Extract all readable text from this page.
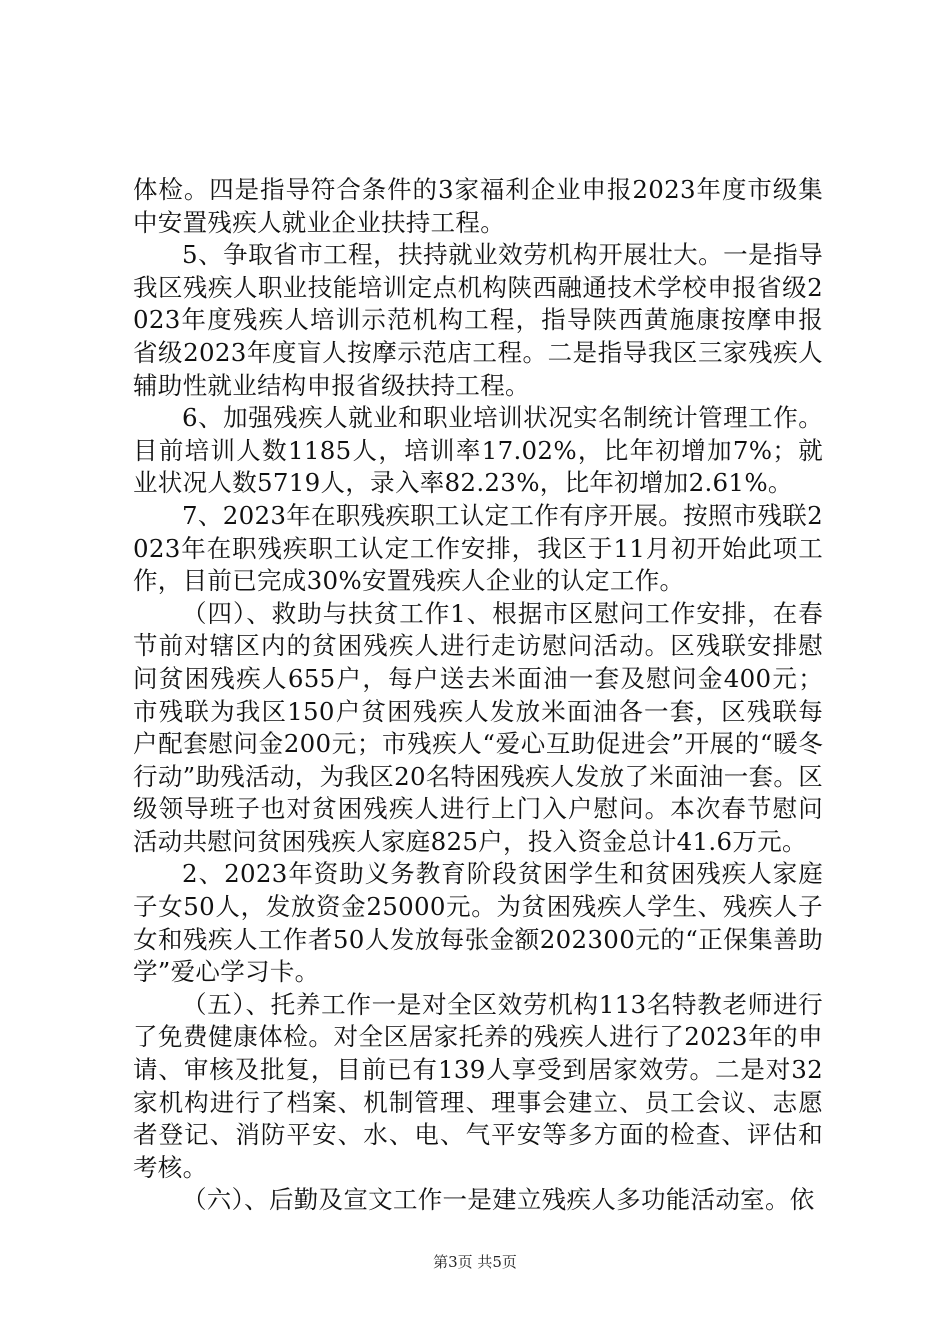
体检。四是指导符合条件的3家福利企业申报2023年度市级集中安置残疾人就业企业扶持工程。

5、争取省市工程，扶持就业效劳机构开展壮大。一是指导我区残疾人职业技能培训定点机构陕西融通技术学校申报省级2023年度残疾人培训示范机构工程，指导陕西黄施康按摩申报省级2023年度盲人按摩示范店工程。二是指导我区三家残疾人辅助性就业结构申报省级扶持工程。

6、加强残疾人就业和职业培训状况实名制统计管理工作。目前培训人数1185人，培训率17.02%，比年初增加7%；就业状况人数5719人，录入率82.23%，比年初增加2.61%。

7、2023年在职残疾职工认定工作有序开展。按照市残联2023年在职残疾职工认定工作安排，我区于11月初开始此项工作，目前已完成30%安置残疾人企业的认定工作。

（四）、救助与扶贫工作1、根据市区慰问工作安排，在春节前对辖区内的贫困残疾人进行走访慰问活动。区残联安排慰问贫困残疾人655户，每户送去米面油一套及慰问金400元；市残联为我区150户贫困残疾人发放米面油各一套，区残联每户配套慰问金200元；市残疾人“爱心互助促进会”开展的“暖冬行动”助残活动，为我区20名特困残疾人发放了米面油一套。区级领导班子也对贫困残疾人进行上门入户慰问。本次春节慰问活动共慰问贫困残疾人家庭825户，投入资金总计41.6万元。

2、2023年资助义务教育阶段贫困学生和贫困残疾人家庭子女50人，发放资金25000元。为贫困残疾人学生、残疾人子女和残疾人工作者50人发放每张金额202300元的“正保集善助学”爱心学习卡。

（五）、托养工作一是对全区效劳机构113名特教老师进行了免费健康体检。对全区居家托养的残疾人进行了2023年的申请、审核及批复，目前已有139人享受到居家效劳。二是对32家机构进行了档案、机制管理、理事会建立、员工会议、志愿者登记、消防平安、水、电、气平安等多方面的检查、评估和考核。

（六）、后勤及宣文工作一是建立残疾人多功能活动室。依

第3页 共5页
